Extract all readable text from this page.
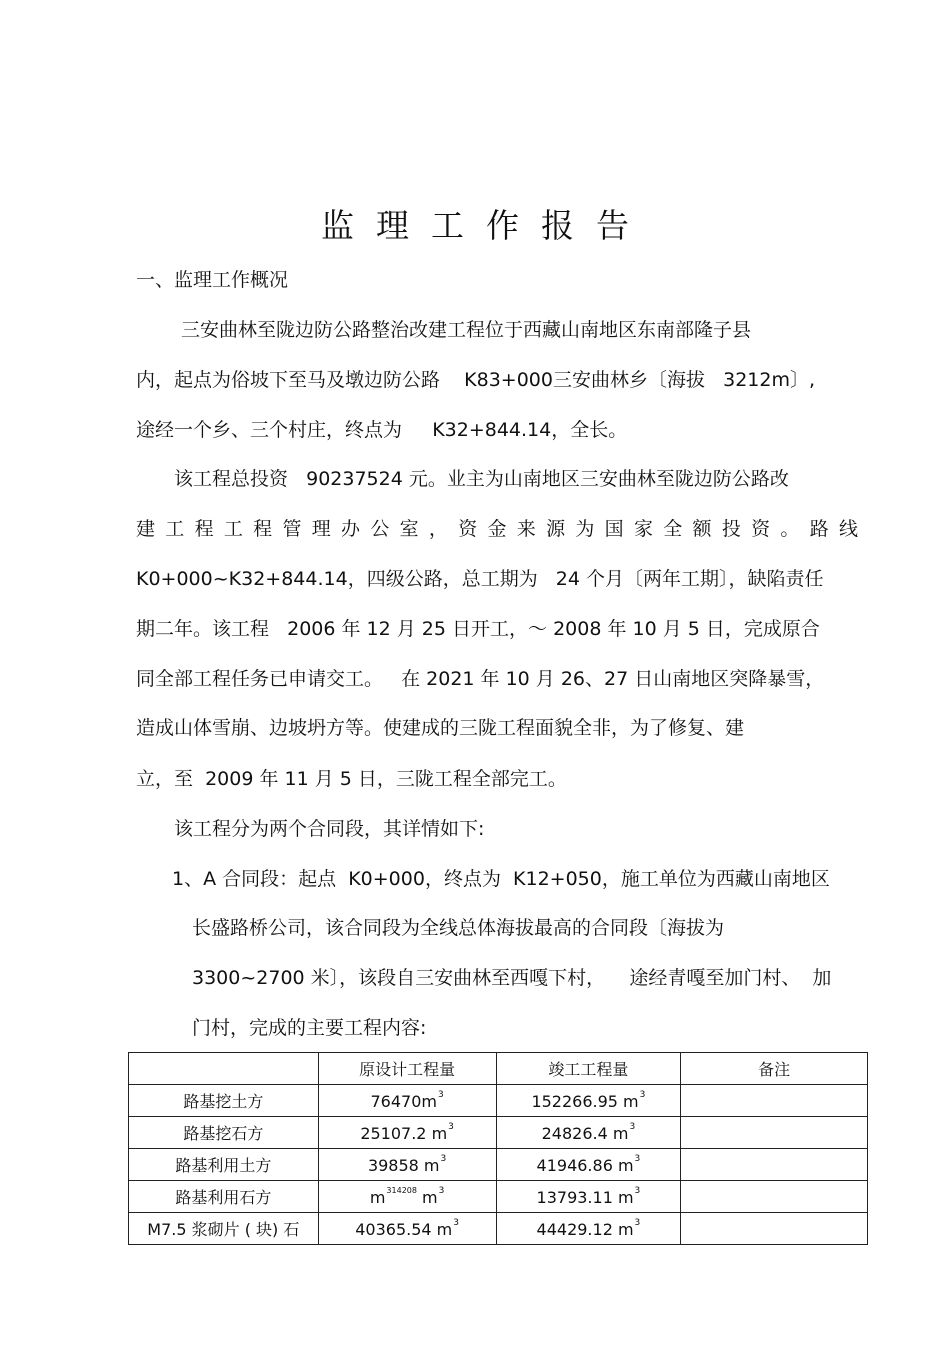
监理工作报告

一、监理工作概况

三安曲林至陇边防公路整治改建工程位于西藏山南地区东南部隆子县

内，起点为俗坡下至马及墩边防公路    K83+000三安曲林乡〔海拔   3212m〕,

途经一个乡、三个村庄，终点为     K32+844.14，全长。

该工程总投资   90237524 元。业主为山南地区三安曲林至陇边防公路改

建工程工程管理办公室，资金来源为国家全额投资。路线

K0+000~K32+844.14，四级公路，总工期为   24 个月〔两年工期〕，缺陷责任

期二年。该工程   2006 年 12 月 25 日开工，～ 2008 年 10 月 5 日，完成原合

同全部工程任务已申请交工。   在 2021 年 10 月 26、27 日山南地区突降暴雪，

造成山体雪崩、边坡坍方等。使建成的三陇工程面貌全非，为了修复、建

立，至  2009 年 11 月 5 日，三陇工程全部完工。

该工程分为两个合同段，其详情如下:

1、A 合同段：起点  K0+000，终点为  K12+050，施工单位为西藏山南地区

长盛路桥公司，该合同段为全线总体海拔最高的合同段〔海拔为

3300~2700 米〕，该段自三安曲林至西嘎下村，    途经青嘎至加门村、  加

门村，完成的主要工程内容:

	原设计工程量	竣工工程量	备注
路基挖土方	$76470m^3$	152266.95 $m^3$	
路基挖石方	25107.2 $m^3$	24826.4 $m^3$	
路基利用土方	39858 $m^3$	41946.86 $m^3$	
路基利用石方	$m^{314208}$ $m^3$	13793.11 $m^3$	
M7.5 浆砌片 ( 块) 石	40365.54 $m^3$	44429.12 $m^3$	
